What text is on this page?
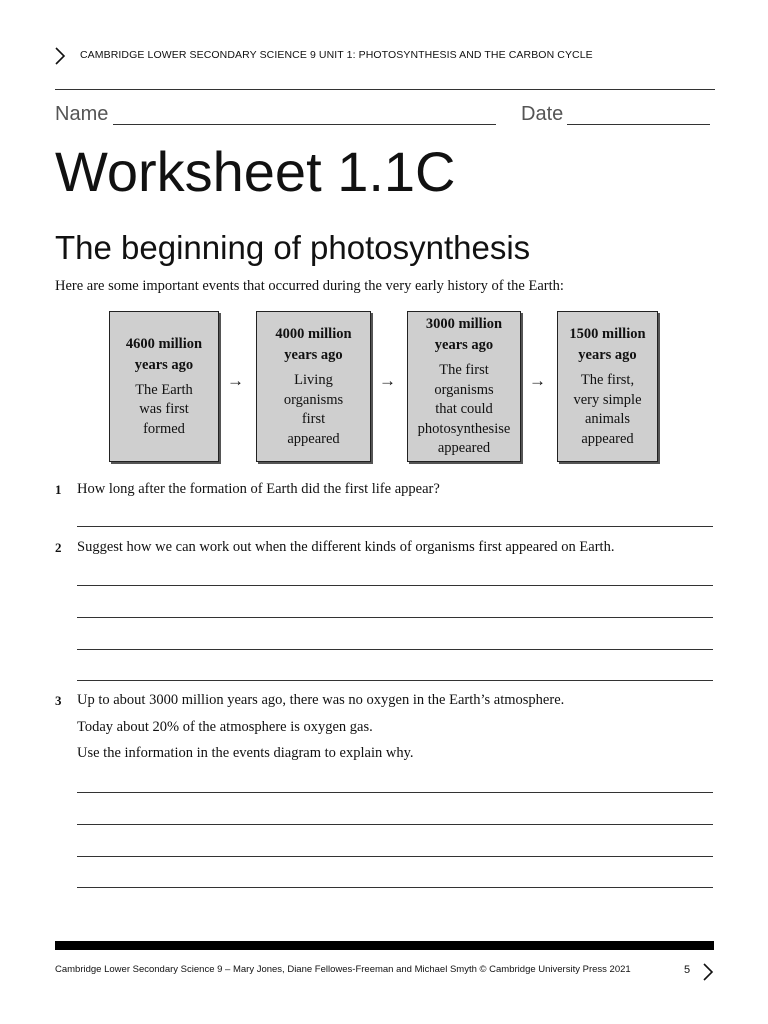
CAMBRIDGE LOWER SECONDARY SCIENCE 9 UNIT 1: PHOTOSYNTHESIS AND THE CARBON CYCLE
Name	Date
Worksheet 1.1C
The beginning of photosynthesis
Here are some important events that occurred during the very early history of the Earth:
4600 million
years ago
The Earth
was first
formed
→
4000 million
years ago
Living
organisms
first
appeared
→
3000 million
years ago
The first
organisms
that could
photosynthesise
appeared
→
1500 million
years ago
The first,
very simple
animals
appeared
1 How long after the formation of Earth did the first life appear?
2 Suggest how we can work out when the different kinds of organisms first appeared on Earth.
3 Up to about 3000 million years ago, there was no oxygen in the Earth’s atmosphere.
Today about 20% of the atmosphere is oxygen gas.
Use the information in the events diagram to explain why.
Cambridge Lower Secondary Science 9 – Mary Jones, Diane Fellowes-Freeman and Michael Smyth © Cambridge University Press 2021	5
